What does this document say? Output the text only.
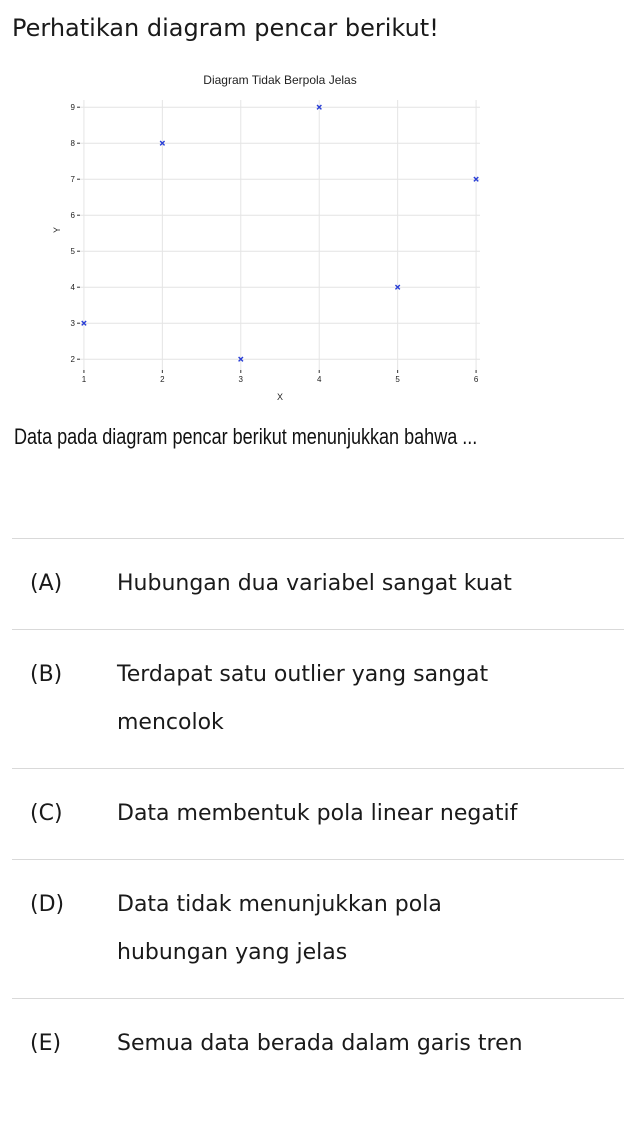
Perhatikan diagram pencar berikut!
Diagram Tidak Berpola Jelas
2
3
4
5
6
7
8
9
1	2	3	4	5	6
X
Y
Data pada diagram pencar berikut menunjukkan bahwa ...
(A)	Hubungan dua variabel sangat kuat
(B)	Terdapat satu outlier yang sangat mencolok
(C)	Data membentuk pola linear negatif
(D)	Data tidak menunjukkan pola hubungan yang jelas
(E)	Semua data berada dalam garis tren
